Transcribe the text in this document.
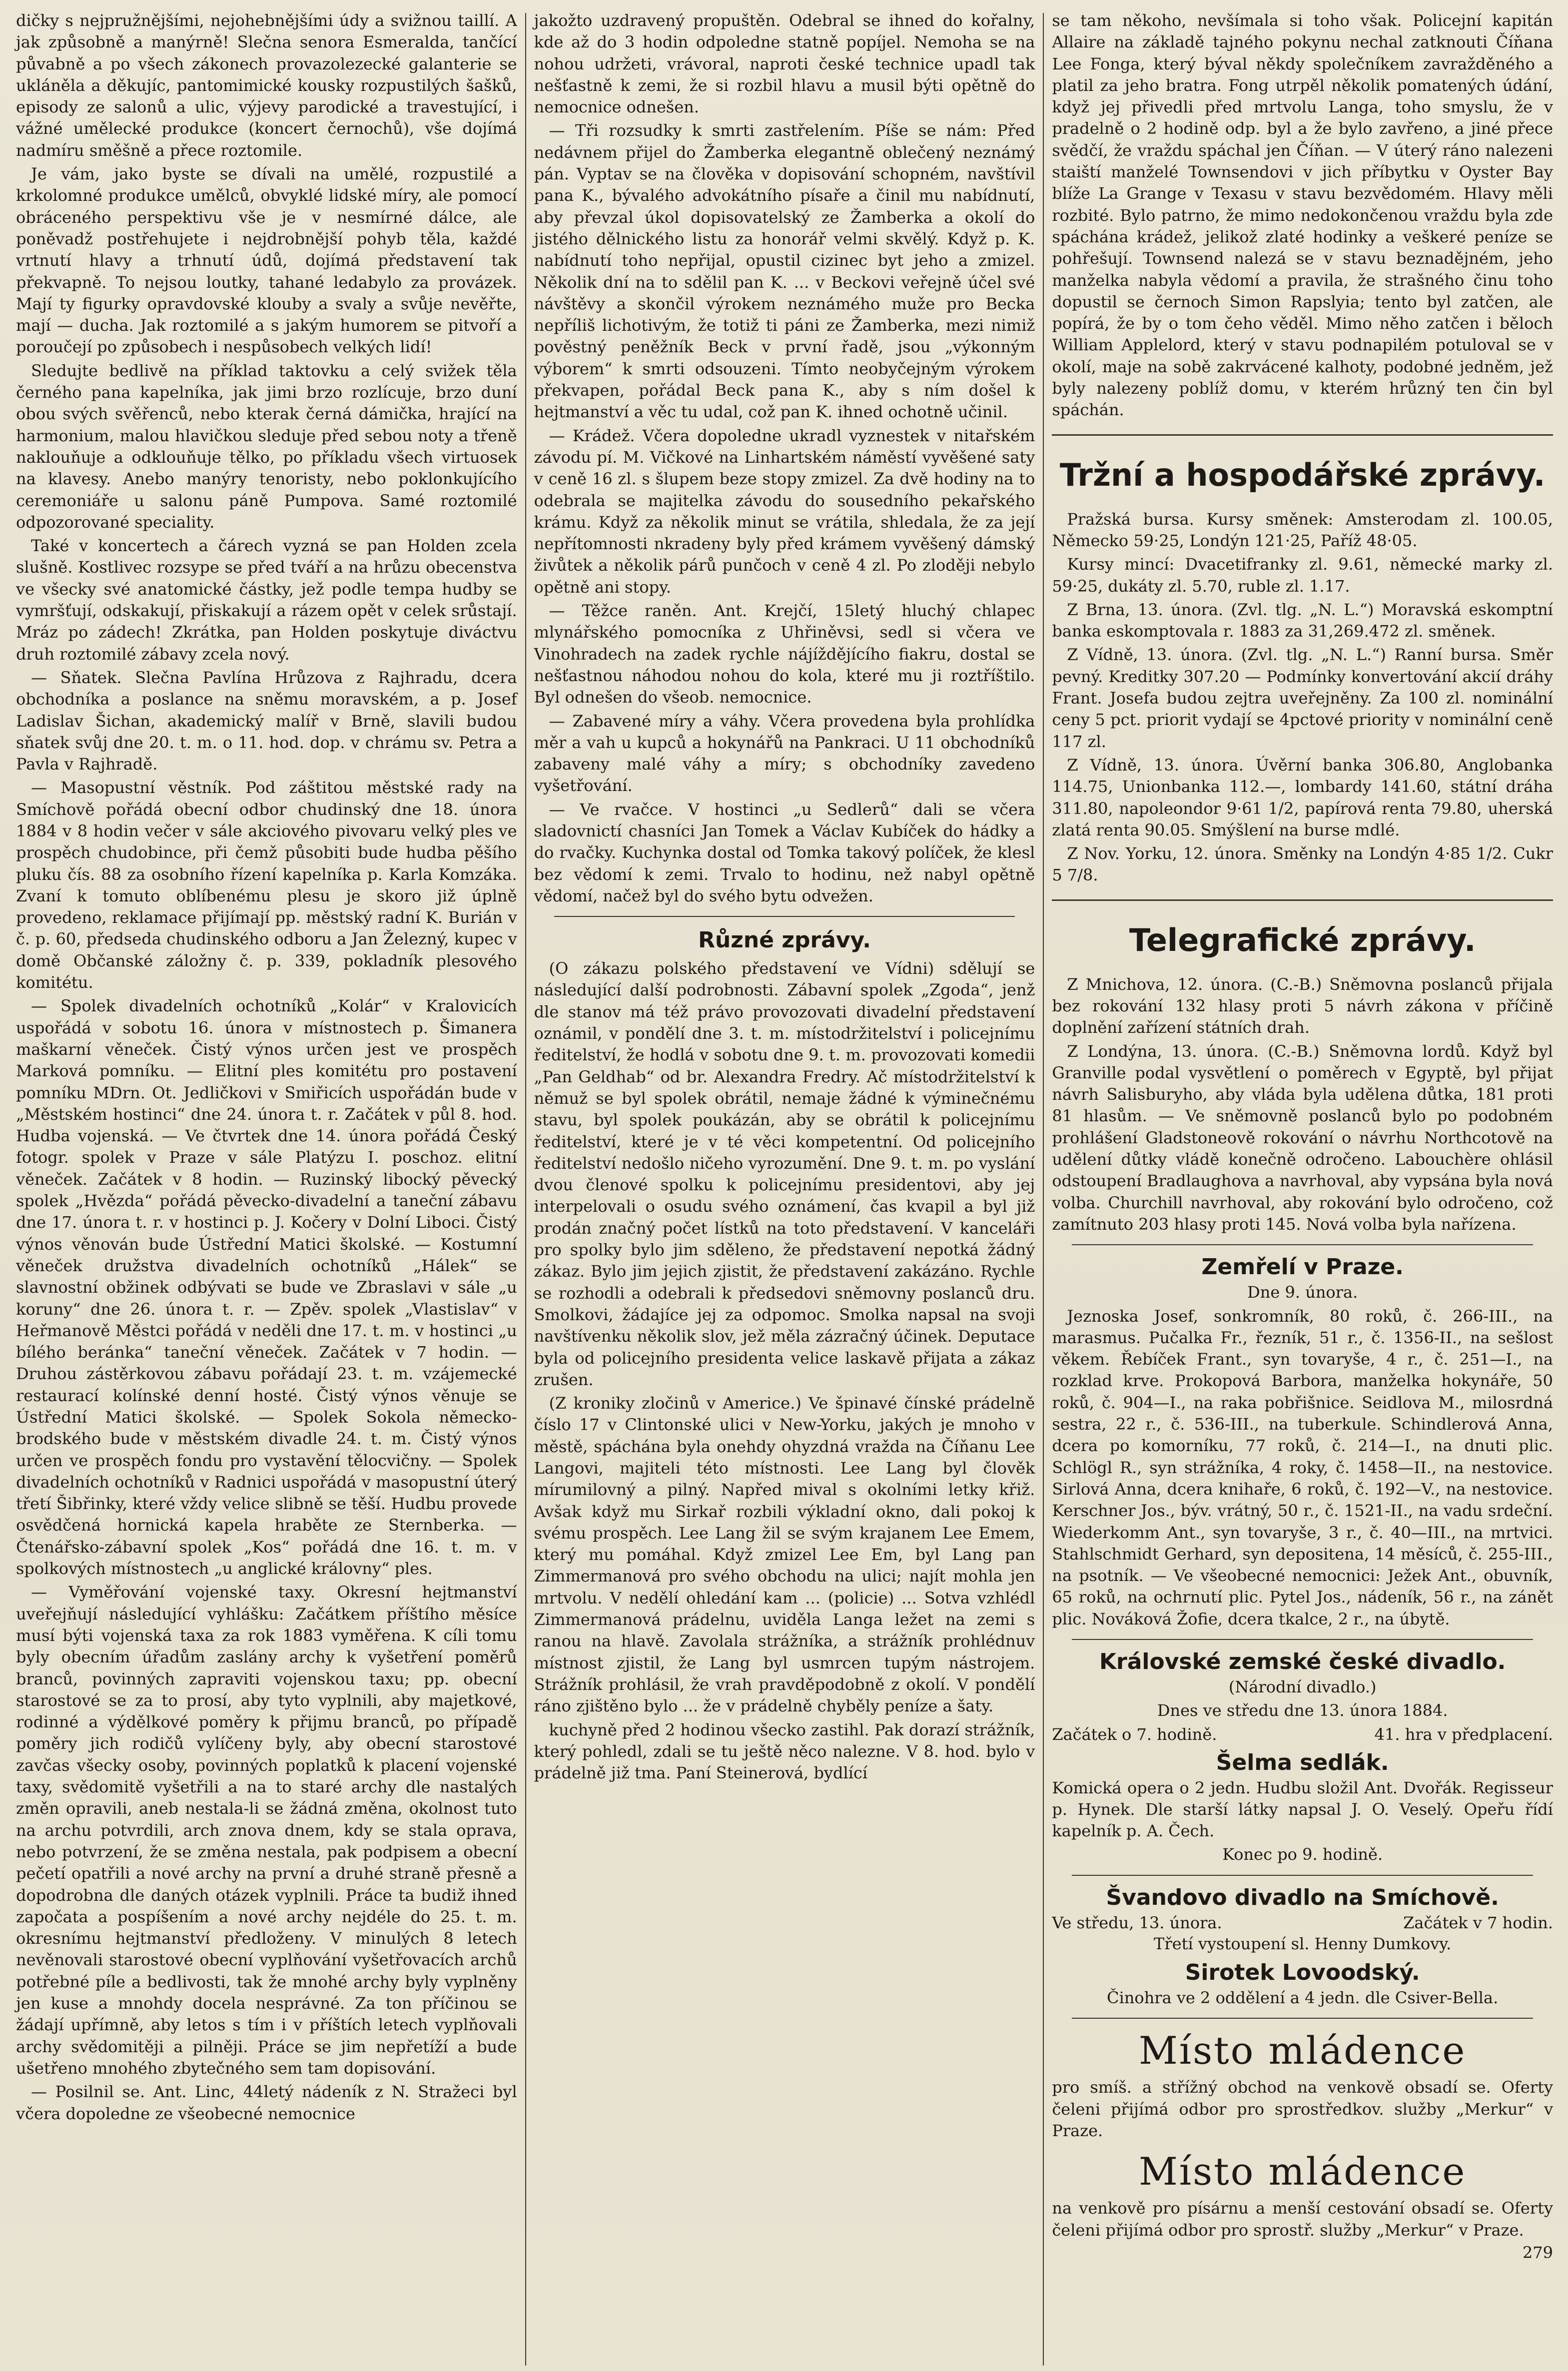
dičky s nejpružnějšími, nejohebnějšími údy a svižnou taillí. A jak způsobně a manýrně! Slečna senora Esmeralda, tančící půvabně a po všech zákonech provazolezecké galanterie se ukláněla a děkujíc, pantomimické kousky rozpustilých šašků, episody ze salonů a ulic, výjevy parodické a travestující, i vážné umělecké produkce (koncert černochů), vše dojímá nadmíru směšně a přece roztomile.

Je vám, jako byste se dívali na umělé, rozpustilé a krkolomné produkce umělců, obvyklé lidské míry, ale pomocí obráceného perspektivu vše je v nesmírné dálce, ale poněvadž postřehujete i nejdrobnější pohyb těla, každé vrtnutí hlavy a trhnutí údů, dojímá představení tak překvapně. To nejsou loutky, tahané ledabylo za provázek. Mají ty figurky opravdovské klouby a svaly a svůje nevěřte, mají — ducha. Jak roztomilé a s jakým humorem se pitvoří a poroučejí po způsobech i nespůsobech velkých lidí!

Sledujte bedlivě na příklad taktovku a celý svižek těla černého pana kapelníka, jak jimi brzo rozlícuje, brzo duní obou svých svěřenců, nebo kterak černá dámička, hrající na harmonium, malou hlavičkou sleduje před sebou noty a třeně naklouňuje a odklouňuje tělko, po příkladu všech virtuosek na klavesy. Anebo manýry tenoristy, nebo poklonkujícího ceremoniáře u salonu páně Pumpova. Samé roztomilé odpozorované speciality.

Také v koncertech a čárech vyzná se pan Holden zcela slušně. Kostlivec rozsype se před tváří a na hrůzu obecenstva ve všecky své anatomické částky, jež podle tempa hudby se vymršťují, odskakují, přiskakují a rázem opět v celek srůstají. Mráz po zádech! Zkrátka, pan Holden poskytuje diváctvu druh roztomilé zábavy zcela nový.

— Sňatek. Slečna Pavlína Hrůzova z Rajhradu, dcera obchodníka a poslance na sněmu moravském, a p. Josef Ladislav Šichan, akademický malíř v Brně, slavili budou sňatek svůj dne 20. t. m. o 11. hod. dop. v chrámu sv. Petra a Pavla v Rajhradě.

— Masopustní věstník. Pod záštitou městské rady na Smíchově pořádá obecní odbor chudinský dne 18. února 1884 v 8 hodin večer v sále akciového pivovaru velký ples ve prospěch chudobince, při čemž působiti bude hudba pěšího pluku čís. 88 za osobního řízení kapelníka p. Karla Komzáka. Zvaní k tomuto oblíbenému plesu je skoro již úplně provedeno, reklamace přijímají pp. městský radní K. Burián v č. p. 60, předseda chudinského odboru a Jan Železný, kupec v domě Občanské záložny č. p. 339, pokladník plesového komitétu.

— Spolek divadelních ochotníků „Kolár“ v Kralovicích uspořádá v sobotu 16. února v místnostech p. Šimanera maškarní věneček. Čistý výnos určen jest ve prospěch Marková pomníku. — Elitní ples komitétu pro postavení pomníku MDrn. Ot. Jedličkovi v Smiřicích uspořádán bude v „Městském hostinci“ dne 24. února t. r. Začátek v půl 8. hod. Hudba vojenská. — Ve čtvrtek dne 14. února pořádá Český fotogr. spolek v Praze v sále Platýzu I. poschoz. elitní věneček. Začátek v 8 hodin. — Ruzinský libocký pěvecký spolek „Hvězda“ pořádá pěvecko-divadelní a taneční zábavu dne 17. února t. r. v hostinci p. J. Kočery v Dolní Liboci. Čistý výnos věnován bude Ústřední Matici školské. — Kostumní věneček družstva divadelních ochotníků „Hálek“ se slavnostní obžinek odbývati se bude ve Zbraslavi v sále „u koruny“ dne 26. února t. r. — Zpěv. spolek „Vlastislav“ v Heřmanově Městci pořádá v neděli dne 17. t. m. v hostinci „u bílého beránka“ taneční věneček. Začátek v 7 hodin. — Druhou zástěrkovou zábavu pořádají 23. t. m. vzájemecké restaurací kolínské denní hosté. Čistý výnos věnuje se Ústřední Matici školské. — Spolek Sokola německo-brodského bude v městském divadle 24. t. m. Čistý výnos určen ve prospěch fondu pro vystavění tělocvičny. — Spolek divadelních ochotníků v Radnici uspořádá v masopustní úterý třetí Šibřinky, které vždy velice slibně se těší. Hudbu provede osvědčená hornická kapela hraběte ze Sternberka. — Čtenářsko-zábavní spolek „Kos“ pořádá dne 16. t. m. v spolkových místnostech „u anglické královny“ ples.

— Vyměřování vojenské taxy. Okresní hejtmanství uveřejňují následující vyhlášku: Začátkem příštího měsíce musí býti vojenská taxa za rok 1883 vyměřena. K cíli tomu byly obecním úřadům zaslány archy k vyšetření poměrů branců, povinných zapraviti vojenskou taxu; pp. obecní starostové se za to prosí, aby tyto vyplnili, aby majetkové, rodinné a výdělkové poměry k přijmu branců, po případě poměry jich rodičů vylíčeny byly, aby obecní starostové zavčas všecky osoby, povinných poplatků k placení vojenské taxy, svědomitě vyšetřili a na to staré archy dle nastalých změn opravili, aneb nestala-li se žádná změna, okolnost tuto na archu potvrdili, arch znova dnem, kdy se stala oprava, nebo potvrzení, že se změna nestala, pak podpisem a obecní pečetí opatřili a nové archy na první a druhé straně přesně a dopodrobna dle daných otázek vyplnili. Práce ta budiž ihned započata a pospíšením a nové archy nejdéle do 25. t. m. okresnímu hejtmanství předloženy. V minulých 8 letech nevěnovali starostové obecní vyplňování vyšetřovacích archů potřebné píle a bedlivosti, tak že mnohé archy byly vyplněny jen kuse a mnohdy docela nesprávné. Za ton příčinou se žádají upřímně, aby letos s tím i v příštích letech vyplňovali archy svědomitěji a pilněji. Práce se jim nepřetíží a bude ušetřeno mnohého zbytečného sem tam dopisování.

— Posilnil se. Ant. Linc, 44letý nádeník z N. Stražeci byl včera dopoledne ze všeobecné nemocnice

jakožto uzdravený propuštěn. Odebral se ihned do kořalny, kde až do 3 hodin odpoledne statně popíjel. Nemoha se na nohou udržeti, vrávoral, naproti české technice upadl tak nešťastně k zemi, že si rozbil hlavu a musil býti opětně do nemocnice odnešen.

— Tři rozsudky k smrti zastřelením. Píše se nám: Před nedávnem přijel do Žamberka elegantně oblečený neznámý pán. Vyptav se na člověka v dopisování schopném, navštívil pana K., bývalého advokátního písaře a činil mu nabídnutí, aby převzal úkol dopisovatelský ze Žamberka a okolí do jistého dělnického listu za honorář velmi skvělý. Když p. K. nabídnutí toho nepřijal, opustil cizinec byt jeho a zmizel. Několik dní na to sdělil pan K. ... v Beckovi veřejně účel své návštěvy a skončil výrokem neznámého muže pro Becka nepříliš lichotivým, že totiž ti páni ze Žamberka, mezi nimiž pověstný peněžník Beck v první řadě, jsou „výkonným výborem“ k smrti odsouzeni. Tímto neobyčejným výrokem překvapen, pořádal Beck pana K., aby s ním došel k hejtmanství a věc tu udal, což pan K. ihned ochotně učinil.

— Krádež. Včera dopoledne ukradl vyznestek v nitařském závodu pí. M. Vičkové na Linhartském náměstí vyvěšené saty v ceně 16 zl. s šlupem beze stopy zmizel. Za dvě hodiny na to odebrala se majitelka závodu do sousedního pekařského krámu. Když za několik minut se vrátila, shledala, že za její nepřítomnosti nkradeny byly před krámem vyvěšený dámský živůtek a několik párů punčoch v ceně 4 zl. Po zloději nebylo opětně ani stopy.

— Těžce raněn. Ant. Krejčí, 15letý hluchý chlapec mlynářského pomocníka z Uhřiněvsi, sedl si včera ve Vinohradech na zadek rychle nájíždějícího fiakru, dostal se nešťastnou náhodou nohou do kola, které mu ji roztříštilo. Byl odnešen do všeob. nemocnice.

— Zabavené míry a váhy. Včera provedena byla prohlídka měr a vah u kupců a hokynářů na Pankraci. U 11 obchodníků zabaveny malé váhy a míry; s obchodníky zavedeno vyšetřování.

— Ve rvačce. V hostinci „u Sedlerů“ dali se včera sladovnictí chasníci Jan Tomek a Václav Kubíček do hádky a do rvačky. Kuchynka dostal od Tomka takový políček, že klesl bez vědomí k zemi. Trvalo to hodinu, než nabyl opětně vědomí, načež byl do svého bytu odvežen.

Různé zprávy.

(O zákazu polského představení ve Vídni) sdělují se následující další podrobnosti. Zábavní spolek „Zgoda“, jenž dle stanov má též právo provozovati divadelní představení oznámil, v pondělí dne 3. t. m. místodržitelství i policejnímu ředitelství, že hodlá v sobotu dne 9. t. m. provozovati komedii „Pan Geldhab“ od br. Alexandra Fredry. Ač místodržitelství k němuž se byl spolek obrátil, nemaje žádné k výminečnému stavu, byl spolek poukázán, aby se obrátil k policejnímu ředitelství, které je v té věci kompetentní. Od policejního ředitelství nedošlo ničeho vyrozumění. Dne 9. t. m. po vyslání dvou členové spolku k policejnímu presidentovi, aby jej interpelovali o osudu svého oznámení, čas kvapil a byl již prodán značný počet lístků na toto představení. V kanceláři pro spolky bylo jim sděleno, že představení nepotká žádný zákaz. Bylo jim jejich zjistit, že představení zakázáno. Rychle se rozhodli a odebrali k předsedovi sněmovny poslanců dru. Smolkovi, žádajíce jej za odpomoc. Smolka napsal na svoji navštívenku několik slov, jež měla zázračný účinek. Deputace byla od policejního presidenta velice laskavě přijata a zákaz zrušen.

(Z kroniky zločinů v Americe.) Ve špinavé čínské prádelně číslo 17 v Clintonské ulici v New-Yorku, jakých je mnoho v městě, spáchána byla onehdy ohyzdná vražda na Číňanu Lee Langovi, majiteli této místnosti. Lee Lang byl člověk mírumilovný a pilný. Napřed mival s okolními letky křiž. Avšak když mu Sirkař rozbili výkladní okno, dali pokoj k svému prospěch. Lee Lang žil se svým krajanem Lee Emem, který mu pomáhal. Když zmizel Lee Em, byl Lang pan Zimmermanová pro svého obchodu na ulici; najít mohla jen mrtvolu. V nedělí ohledání kam ... (policie) ... Sotva vzhlédl Zimmermanová prádelnu, uviděla Langa ležet na zemi s ranou na hlavě. Zavolala strážníka, a strážník prohlédnuv místnost zjistil, že Lang byl usmrcen tupým nástrojem. Strážník prohlásil, že vrah pravděpodobně z okolí. V pondělí ráno zjištěno bylo ... že v prádelně chyběly peníze a šaty.

kuchyně před 2 hodinou všecko zastihl. Pak dorazí strážník, který pohledl, zdali se tu ještě něco nalezne. V 8. hod. bylo v prádelně již tma. Paní Steinerová, bydlící

se tam někoho, nevšímala si toho však. Policejní kapitán Allaire na základě tajného pokynu nechal zatknouti Číňana Lee Fonga, který býval někdy společníkem zavražděného a platil za jeho bratra. Fong utrpěl několik pomatených údání, když jej přivedli před mrtvolu Langa, toho smyslu, že v pradelně o 2 hodině odp. byl a že bylo zavřeno, a jiné přece svědčí, že vraždu spáchal jen Číňan. — V úterý ráno nalezeni staiští manželé Townsendovi v jich příbytku v Oyster Bay blíže La Grange v Texasu v stavu bezvědomém. Hlavy měli rozbité. Bylo patrno, že mimo nedokončenou vraždu byla zde spáchána krádež, jelikož zlaté hodinky a veškeré peníze se pohřešují. Townsend nalezá se v stavu beznadějném, jeho manželka nabyla vědomí a pravila, že strašného činu toho dopustil se černoch Simon Rapslyia; tento byl zatčen, ale popírá, že by o tom čeho věděl. Mimo něho zatčen i běloch William Applelord, který v stavu podnapilém potuloval se v okolí, maje na sobě zakrvácené kalhoty, podobné jedněm, jež byly nalezeny poblíž domu, v kterém hrůzný ten čin byl spáchán.

Tržní a hospodářské zprávy.

Pražská bursa. Kursy směnek: Amsterodam zl. 100.05, Německo 59·25, Londýn 121·25, Paříž 48·05.

Kursy mincí: Dvacetifranky zl. 9.61, německé marky zl. 59·25, dukáty zl. 5.70, ruble zl. 1.17.

Z Brna, 13. února. (Zvl. tlg. „N. L.“) Moravská eskomptní banka eskomptovala r. 1883 za 31,269.472 zl. směnek.

Z Vídně, 13. února. (Zvl. tlg. „N. L.“) Ranní bursa. Směr pevný. Kreditky 307.20 — Podmínky konvertování akcií dráhy Frant. Josefa budou zejtra uveřejněny. Za 100 zl. nominální ceny 5 pct. priorit vydají se 4pctové priority v nominální ceně 117 zl.

Z Vídně, 13. února. Úvěrní banka 306.80, Anglobanka 114.75, Unionbanka 112.—, lombardy 141.60, státní dráha 311.80, napoleondor 9·61 1/2, papírová renta 79.80, uherská zlatá renta 90.05. Smýšlení na burse mdlé.

Z Nov. Yorku, 12. února. Směnky na Londýn 4·85 1/2. Cukr 5 7/8.

Telegrafické zprávy.

Z Mnichova, 12. února. (C.-B.) Sněmovna poslanců přijala bez rokování 132 hlasy proti 5 návrh zákona v příčině doplnění zařízení státních drah.

Z Londýna, 13. února. (C.-B.) Sněmovna lordů. Když byl Granville podal vysvětlení o poměrech v Egyptě, byl přijat návrh Salisburyho, aby vláda byla udělena důtka, 181 proti 81 hlasům. — Ve sněmovně poslanců bylo po podobném prohlášení Gladstoneově rokování o návrhu Northcotově na udělení důtky vládě konečně odročeno. Labouchère ohlásil odstoupení Bradlaughova a navrhoval, aby vypsána byla nová volba. Churchill navrhoval, aby rokování bylo odročeno, což zamítnuto 203 hlasy proti 145. Nová volba byla nařízena.

Zemřelí v Praze.

Dne 9. února.

Jeznoska Josef, sonkromník, 80 roků, č. 266-III., na marasmus. Pučalka Fr., řezník, 51 r., č. 1356-II., na sešlost věkem. Řebíček Frant., syn tovaryše, 4 r., č. 251—I., na rozklad krve. Prokopová Barbora, manželka hokynáře, 50 roků, č. 904—I., na raka pobřišnice. Seidlova M., milosrdná sestra, 22 r., č. 536-III., na tuberkule. Schindlerová Anna, dcera po komorníku, 77 roků, č. 214—I., na dnuti plic. Schlögl R., syn strážníka, 4 roky, č. 1458—II., na nestovice. Sirlová Anna, dcera knihaře, 6 roků, č. 192—V., na nestovice. Kerschner Jos., býv. vrátný, 50 r., č. 1521-II., na vadu srdeční. Wiederkomm Ant., syn tovaryše, 3 r., č. 40—III., na mrtvici. Stahlschmidt Gerhard, syn depositena, 14 měsíců, č. 255-III., na psotník. — Ve všeobecné nemocnici: Ježek Ant., obuvník, 65 roků, na ochrnutí plic. Pytel Jos., nádeník, 56 r., na zánět plic. Nováková Žofie, dcera tkalce, 2 r., na úbytě.

Královské zemské české divadlo.

(Národní divadlo.)

Dnes ve středu dne 13. února 1884.

Začátek o 7. hodině.	41. hra v předplacení.
Šelma sedlák.

Komická opera o 2 jedn. Hudbu složil Ant. Dvořák. Regisseur p. Hynek. Dle starší látky napsal J. O. Veselý. Opeřu řídí kapelník p. A. Čech.

Konec po 9. hodině.

Švandovo divadlo na Smíchově.
Ve středu, 13. února.	Začátek v 7 hodin.

Třetí vystoupení sl. Henny Dumkovy.

Sirotek Lovoodský.

Činohra ve 2 oddělení a 4 jedn. dle Csiver-Bella.

Místo mládence

pro smíš. a střížný obchod na venkově obsadí se. Oferty čeleni přijímá odbor pro sprostředkov. služby „Merkur“ v Praze.

Místo mládence

na venkově pro písárnu a menší cestování obsadí se. Oferty čeleni přijímá odbor pro sprostř. služby „Merkur“ v Praze.

279
